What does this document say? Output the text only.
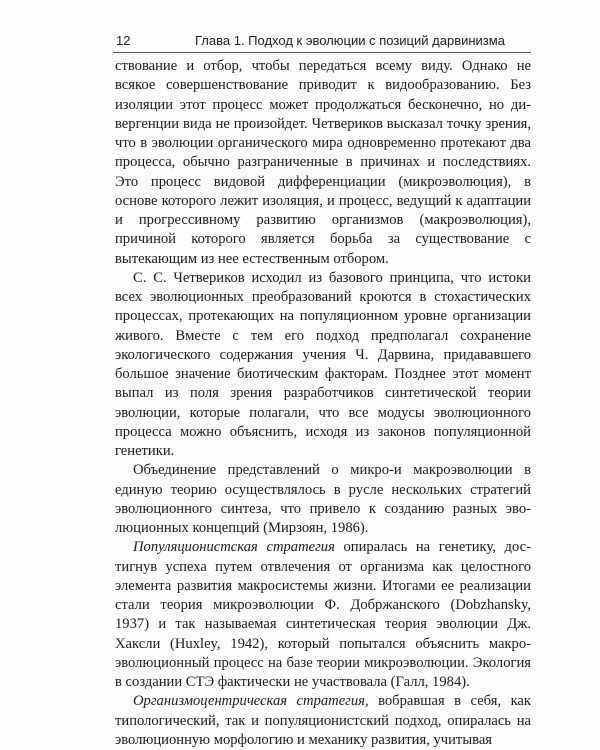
12	Глава 1. Подход к эволюции с позиций дарвинизма

ствование и отбор, чтобы передаться всему виду. Однако не всякое совершенствование приводит к видообразованию. Без изоляции этот процесс может продолжаться бесконечно, но дивергенции вида не произойдет. Четвериков высказал точку зрения, что в эволюции органического мира одновременно протекают два процесса, обычно разграниченные в причинах и последствиях. Это процесс видовой дифференциации (микроэволюция), в основе которого лежит изоляция, и процесс, ведущий к адаптации и прогрессивному развитию организмов (макроэволюция), причиной которого является борьба за существование с вытекающим из нее естественным отбором.

С. С. Четвериков исходил из базового принципа, что истоки всех эволюционных преобразований кроются в стохастических процессах, протекающих на популяционном уровне организации живого. Вместе с тем его подход предполагал сохранение экологического содержания учения Ч. Дарвина, придававшего большое значение биотическим факторам. Позднее этот момент выпал из поля зрения разработчиков синтетической теории эволюции, которые полагали, что все модусы эволюционного процесса можно объяснить, исходя из законов популяционной генетики.

Объединение представлений о микро-и макроэволюции в единую теорию осуществлялось в русле нескольких стратегий эволюционного синтеза, что привело к созданию разных эволюционных концепций (Мирзоян, 1986).

Популяционистская стратегия опиралась на генетику, достигнув успеха путем отвлечения от организма как целостного элемента развития макросистемы жизни. Итогами ее реализации стали теория микроэволюции Ф. Добржанского (Dobzhansky, 1937) и так называемая синтетическая теория эволюции Дж. Хаксли (Huxley, 1942), который попытался объяснить макроэволюционный процесс на базе теории микроэволюции. Экология в создании СТЭ фактически не участвовала (Галл, 1984).

Организмоцентрическая стратегия, вобравшая в себя, как типологический, так и популяционистский подход, опиралась на эволюционную морфологию и механику развития, учитывая
